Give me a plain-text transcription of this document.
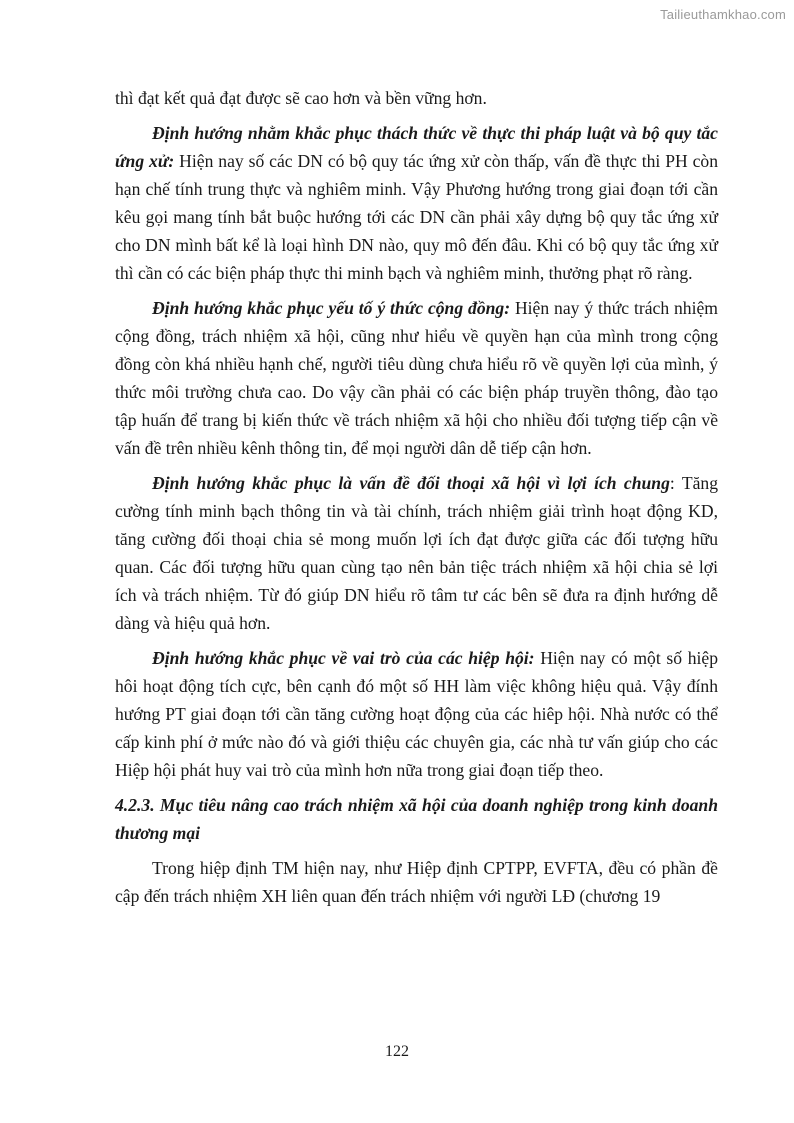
Tailieuthamkhao.com

thì đạt kết quả đạt được sẽ cao hơn và bền vững hơn.

Định hướng nhằm khắc phục thách thức về thực thi pháp luật và bộ quy tắc ứng xử: Hiện nay số các DN có bộ quy tác ứng xử còn thấp, vấn đề thực thi PH còn hạn chế tính trung thực và nghiêm minh. Vậy Phương hướng trong giai đoạn tới cần kêu gọi mang tính bắt buộc hướng tới các DN cần phải xây dựng bộ quy tắc ứng xử cho DN mình bất kể là loại hình DN nào, quy mô đến đâu. Khi có bộ quy tắc ứng xử thì cần có các biện pháp thực thi minh bạch và nghiêm minh, thưởng phạt rõ ràng.

Định hướng khắc phục yếu tố ý thức cộng đồng: Hiện nay ý thức trách nhiệm cộng đồng, trách nhiệm xã hội, cũng như hiểu về quyền hạn của mình trong cộng đồng còn khá nhiều hạnh chế, người tiêu dùng chưa hiểu rõ về quyền lợi của mình, ý thức môi trường chưa cao. Do vậy cần phải có các biện pháp truyền thông, đào tạo tập huấn để trang bị kiến thức về trách nhiệm xã hội cho nhiều đối tượng tiếp cận về vấn đề trên nhiều kênh thông tin, để mọi người dân dễ tiếp cận hơn.

Định hướng khắc phục là vấn đề đối thoại xã hội vì lợi ích chung: Tăng cường tính minh bạch thông tin và tài chính, trách nhiệm giải trình hoạt động KD, tăng cường đối thoại chia sẻ mong muốn lợi ích đạt được giữa các đối tượng hữu quan. Các đối tượng hữu quan cùng tạo nên bản tiệc trách nhiệm xã hội chia sẻ lợi ích và trách nhiệm. Từ đó giúp DN hiểu rõ tâm tư các bên sẽ đưa ra định hướng dễ dàng và hiệu quả hơn.

Định hướng khắc phục về vai trò của các hiệp hội: Hiện nay có một số hiệp hôi hoạt động tích cực, bên cạnh đó một số HH làm việc không hiệu quả. Vậy đính hướng PT giai đoạn tới cần tăng cường hoạt động của các hiêp hội. Nhà nước có thể cấp kinh phí ở mức nào đó và giới thiệu các chuyên gia, các nhà tư vấn giúp cho các Hiệp hội phát huy vai trò của mình hơn nữa trong giai đoạn tiếp theo.

4.2.3. Mục tiêu nâng cao trách nhiệm xã hội của doanh nghiệp trong kinh doanh thương mại

Trong hiệp định TM hiện nay, như Hiệp định CPTPP, EVFTA, đều có phần đề cập đến trách nhiệm XH liên quan đến trách nhiệm với người LĐ (chương 19

122
